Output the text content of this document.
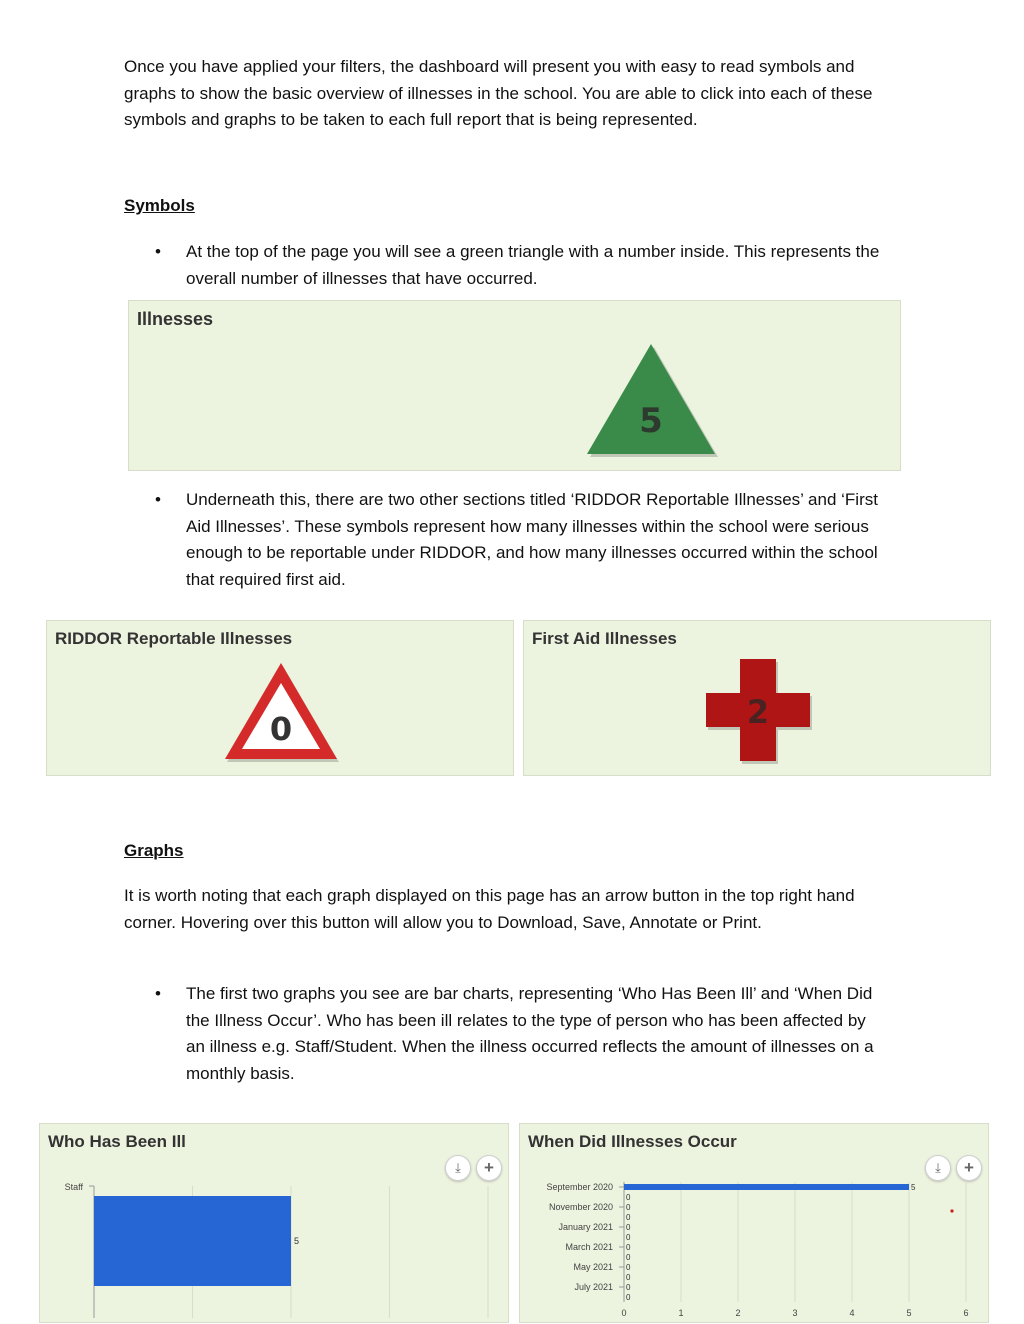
Once you have applied your filters, the dashboard will present you with easy to read symbols and
graphs to show the basic overview of illnesses in the school. You are able to click into each of these
symbols and graphs to be taken to each full report that is being represented.
Symbols
• At the top of the page you will see a green triangle with a number inside. This represents the
overall number of illnesses that have occurred.
Illnesses
5
• Underneath this, there are two other sections titled ‘RIDDOR Reportable Illnesses’ and ‘First
Aid Illnesses’. These symbols represent how many illnesses within the school were serious
enough to be reportable under RIDDOR, and how many illnesses occurred within the school
that required first aid.
RIDDOR Reportable Illnesses
0
First Aid Illnesses
2
Graphs
It is worth noting that each graph displayed on this page has an arrow button in the top right hand
corner. Hovering over this button will allow you to Download, Save, Annotate or Print.
• The first two graphs you see are bar charts, representing ‘Who Has Been Ill’ and ‘When Did
the Illness Occur’. Who has been ill relates to the type of person who has been affected by
an illness e.g. Staff/Student. When the illness occurred reflects the amount of illnesses on a
monthly basis.
Who Has Been Ill
⤓ +
Staff
5
When Did Illnesses Occur
⤓ +
0	1	2	3	4	5	6
September 2020
November 2020
January 2021
March 2021
May 2021
July 2021
5
0
0
0
0
0
0
0
0
0
0
0
